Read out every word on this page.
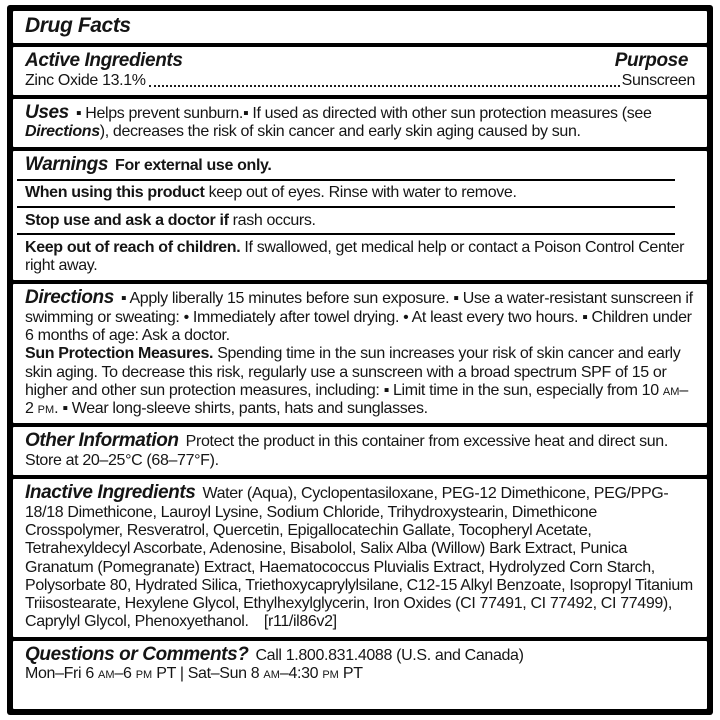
Drug Facts

Active Ingredients	Purpose
Zinc Oxide 13.1%	Sunscreen

Uses ▪ Helps prevent sunburn.▪ If used as directed with other sun protection measures (see Directions), decreases the risk of skin cancer and early skin aging caused by sun.

Warnings For external use only.

When using this product keep out of eyes. Rinse with water to remove.

Stop use and ask a doctor if rash occurs.

Keep out of reach of children. If swallowed, get medical help or contact a Poison Control Center right away.

Directions ▪ Apply liberally 15 minutes before sun exposure. ▪ Use a water-resistant sunscreen if swimming or sweating: • Immediately after towel drying. • At least every two hours. ▪ Children under 6 months of age: Ask a doctor.

Sun Protection Measures. Spending time in the sun increases your risk of skin cancer and early skin aging. To decrease this risk, regularly use a sunscreen with a broad spectrum SPF of 15 or higher and other sun protection measures, including: ▪ Limit time in the sun, especially from 10 AM–2 PM. ▪ Wear long-sleeve shirts, pants, hats and sunglasses.

Other Information Protect the product in this container from excessive heat and direct sun. Store at 20–25°C (68–77°F).

Inactive Ingredients Water (Aqua), Cyclopentasiloxane, PEG-12 Dimethicone, PEG/PPG-18/18 Dimethicone, Lauroyl Lysine, Sodium Chloride, Trihydroxystearin, Dimethicone Crosspolymer, Resveratrol, Quercetin, Epigallocatechin Gallate, Tocopheryl Acetate, Tetrahexyldecyl Ascorbate, Adenosine, Bisabolol, Salix Alba (Willow) Bark Extract, Punica Granatum (Pomegranate) Extract, Haematococcus Pluvialis Extract, Hydrolyzed Corn Starch, Polysorbate 80, Hydrated Silica, Triethoxycaprylylsilane, C12-15 Alkyl Benzoate, Isopropyl Titanium Triisostearate, Hexylene Glycol, Ethylhexylglycerin, Iron Oxides (CI 77491, CI 77492, CI 77499), Caprylyl Glycol, Phenoxyethanol.  [r11/il86v2]

Questions or Comments? Call 1.800.831.4088 (U.S. and Canada)

Mon–Fri 6 AM–6 PM PT | Sat–Sun 8 AM–4:30 PM PT
